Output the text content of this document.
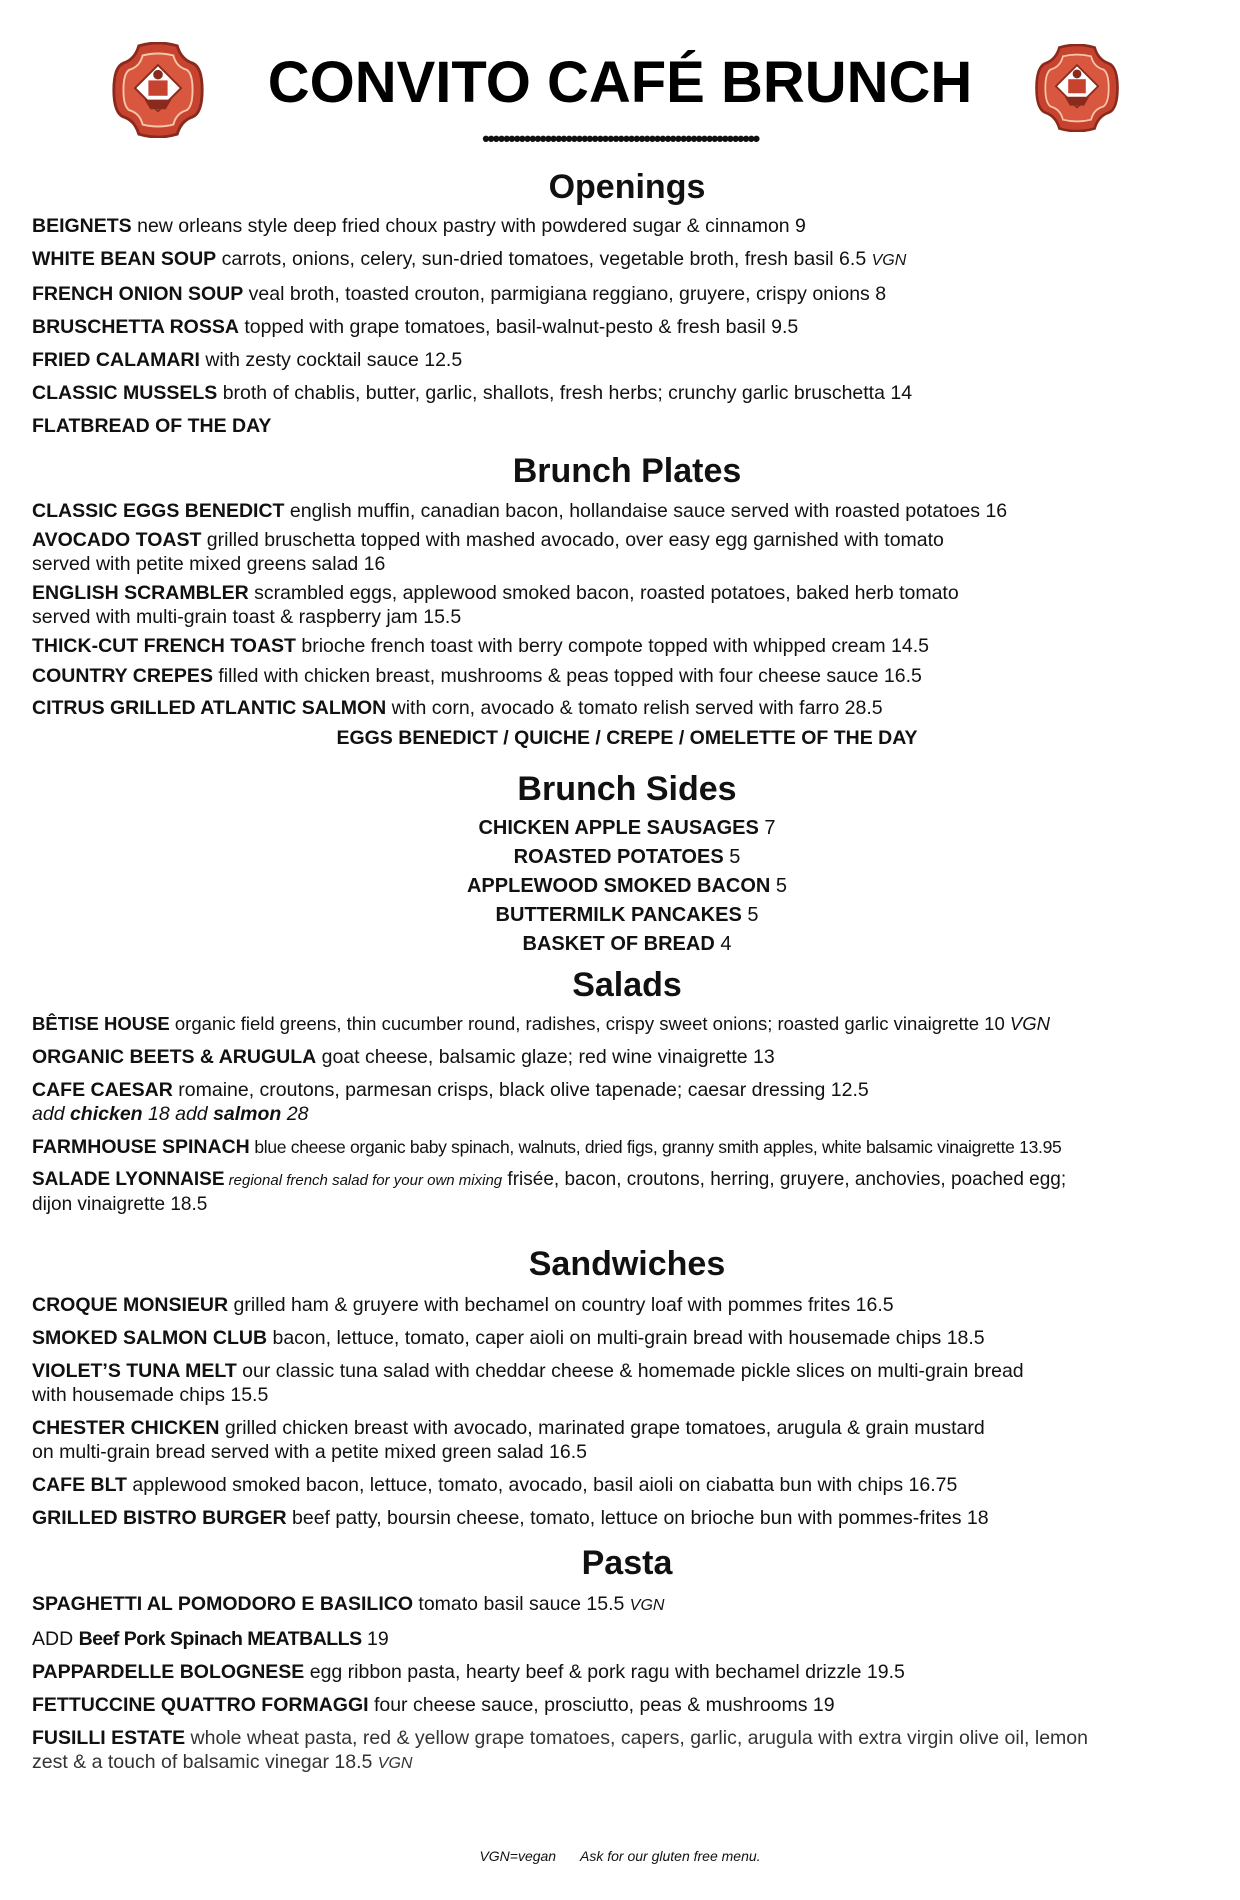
CONVITO CAFÉ BRUNCH
•••••••••••••••••••••••••••••••••••••••••••••••••••••
Openings
BEIGNETS new orleans style deep fried choux pastry with powdered sugar & cinnamon 9
WHITE BEAN SOUP carrots, onions, celery, sun-dried tomatoes, vegetable broth, fresh basil 6.5 VGN
FRENCH ONION SOUP veal broth, toasted crouton, parmigiana reggiano, gruyere, crispy onions 8
BRUSCHETTA ROSSA topped with grape tomatoes, basil-walnut-pesto & fresh basil 9.5
FRIED CALAMARI with zesty cocktail sauce 12.5
CLASSIC MUSSELS broth of chablis, butter, garlic, shallots, fresh herbs; crunchy garlic bruschetta 14
FLATBREAD OF THE DAY
Brunch Plates
CLASSIC EGGS BENEDICT english muffin, canadian bacon, hollandaise sauce served with roasted potatoes 16
AVOCADO TOAST grilled bruschetta topped with mashed avocado, over easy egg garnished with tomato
served with petite mixed greens salad 16
ENGLISH SCRAMBLER scrambled eggs, applewood smoked bacon, roasted potatoes, baked herb tomato
served with multi-grain toast & raspberry jam 15.5
THICK-CUT FRENCH TOAST brioche french toast with berry compote topped with whipped cream 14.5
COUNTRY CREPES filled with chicken breast, mushrooms & peas topped with four cheese sauce 16.5
CITRUS GRILLED ATLANTIC SALMON with corn, avocado & tomato relish served with farro 28.5
EGGS BENEDICT / QUICHE / CREPE / OMELETTE OF THE DAY
Brunch Sides
CHICKEN APPLE SAUSAGES 7
ROASTED POTATOES 5
APPLEWOOD SMOKED BACON 5
BUTTERMILK PANCAKES 5
BASKET OF BREAD 4
Salads
BÊTISE HOUSE organic field greens, thin cucumber round, radishes, crispy sweet onions; roasted garlic vinaigrette 10 VGN
ORGANIC BEETS & ARUGULA goat cheese, balsamic glaze; red wine vinaigrette 13
CAFE CAESAR romaine, croutons, parmesan crisps, black olive tapenade; caesar dressing 12.5
add chicken 18 add salmon 28
FARMHOUSE SPINACH blue cheese organic baby spinach, walnuts, dried figs, granny smith apples, white balsamic vinaigrette 13.95
SALADE LYONNAISE regional french salad for your own mixing frisée, bacon, croutons, herring, gruyere, anchovies, poached egg;
dijon vinaigrette 18.5
Sandwiches
CROQUE MONSIEUR grilled ham & gruyere with bechamel on country loaf with pommes frites 16.5
SMOKED SALMON CLUB bacon, lettuce, tomato, caper aioli on multi-grain bread with housemade chips 18.5
VIOLET’S TUNA MELT our classic tuna salad with cheddar cheese & homemade pickle slices on multi-grain bread
with housemade chips 15.5
CHESTER CHICKEN grilled chicken breast with avocado, marinated grape tomatoes, arugula & grain mustard
on multi-grain bread served with a petite mixed green salad 16.5
CAFE BLT applewood smoked bacon, lettuce, tomato, avocado, basil aioli on ciabatta bun with chips 16.75
GRILLED BISTRO BURGER beef patty, boursin cheese, tomato, lettuce on brioche bun with pommes-frites 18
Pasta
SPAGHETTI AL POMODORO E BASILICO tomato basil sauce 15.5 VGN
ADD Beef Pork Spinach MEATBALLS 19
PAPPARDELLE BOLOGNESE egg ribbon pasta, hearty beef & pork ragu with bechamel drizzle 19.5
FETTUCCINE QUATTRO FORMAGGI four cheese sauce, prosciutto, peas & mushrooms 19
FUSILLI ESTATE whole wheat pasta, red & yellow grape tomatoes, capers, garlic, arugula with extra virgin olive oil, lemon
zest & a touch of balsamic vinegar 18.5 VGN
VGN=vegan Ask for our gluten free menu.
